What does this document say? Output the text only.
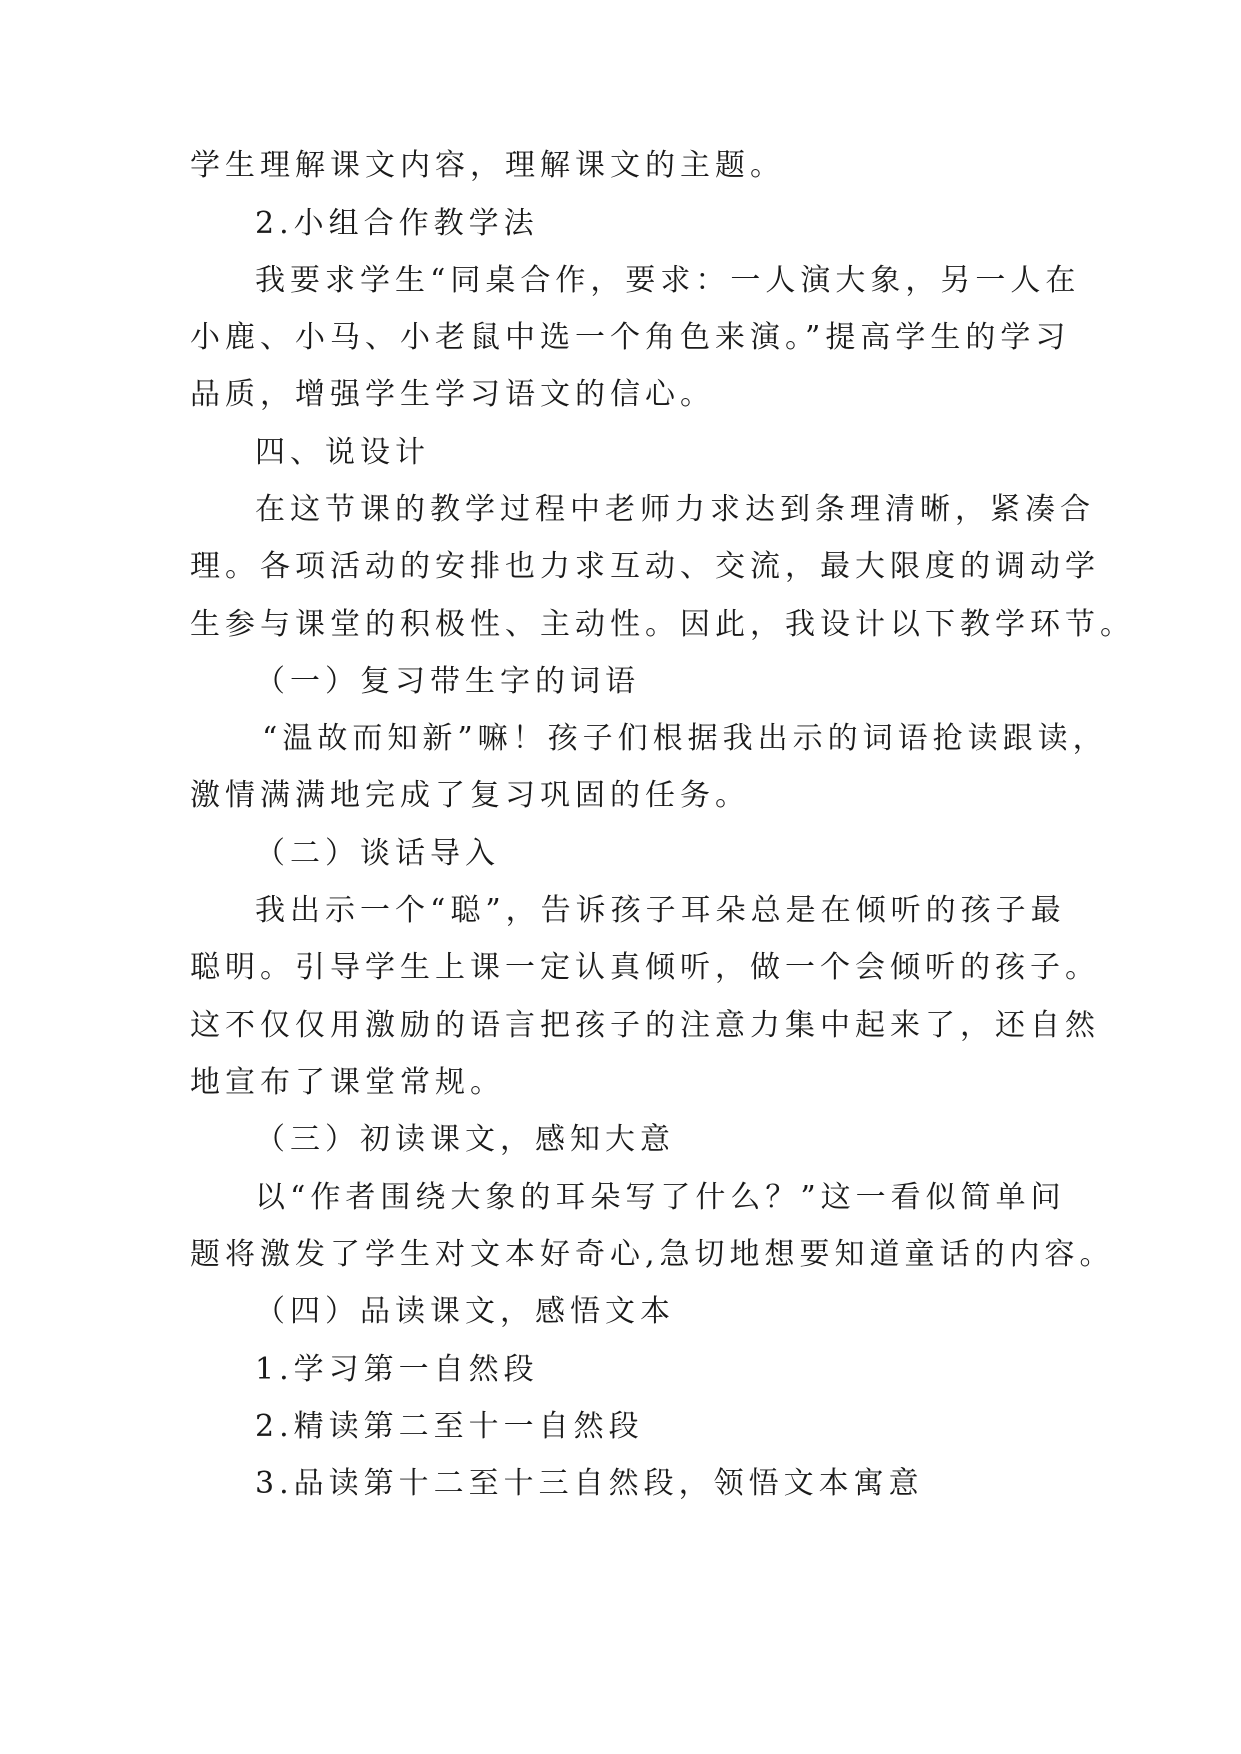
学生理解课文内容，理解课文的主题。

2.小组合作教学法

我要求学生“同桌合作，要求：一人演大象，另一人在

小鹿、小马、小老鼠中选一个角色来演。”提高学生的学习

品质，增强学生学习语文的信心。

四、说设计

在这节课的教学过程中老师力求达到条理清晰，紧凑合

理。各项活动的安排也力求互动、交流，最大限度的调动学

生参与课堂的积极性、主动性。因此，我设计以下教学环节。

（一）复习带生字的词语

“温故而知新”嘛！孩子们根据我出示的词语抢读跟读，

激情满满地完成了复习巩固的任务。

（二）谈话导入

我出示一个“聪”，告诉孩子耳朵总是在倾听的孩子最

聪明。引导学生上课一定认真倾听，做一个会倾听的孩子。

这不仅仅用激励的语言把孩子的注意力集中起来了，还自然

地宣布了课堂常规。

（三）初读课文，感知大意

以“作者围绕大象的耳朵写了什么？”这一看似简单问

题将激发了学生对文本好奇心,急切地想要知道童话的内容。

（四）品读课文，感悟文本

1.学习第一自然段

2.精读第二至十一自然段

3.品读第十二至十三自然段，领悟文本寓意
